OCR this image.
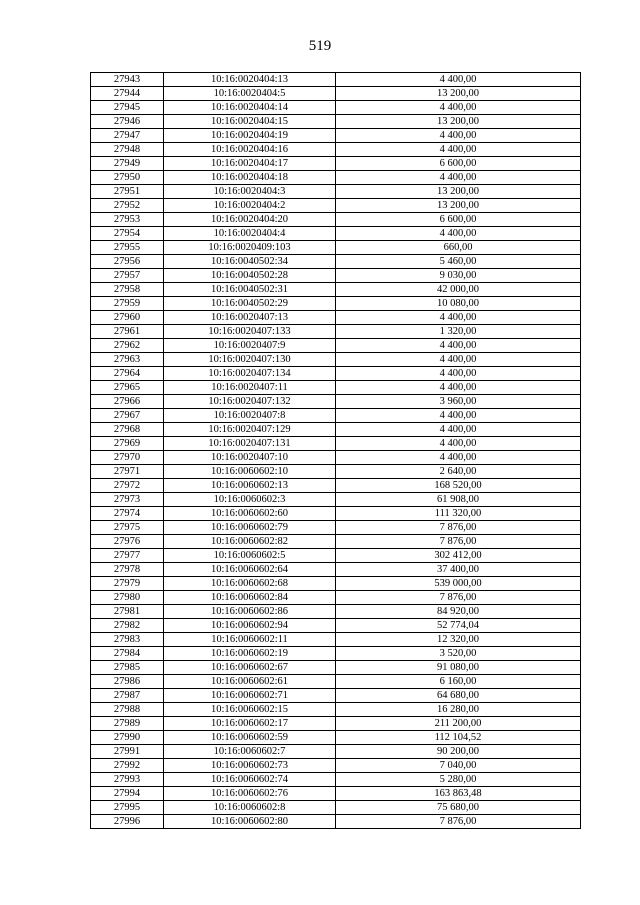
519
27943	10:16:0020404:13	4 400,00
27944	10:16:0020404:5	13 200,00
27945	10:16:0020404:14	4 400,00
27946	10:16:0020404:15	13 200,00
27947	10:16:0020404:19	4 400,00
27948	10:16:0020404:16	4 400,00
27949	10:16:0020404:17	6 600,00
27950	10:16:0020404:18	4 400,00
27951	10:16:0020404:3	13 200,00
27952	10:16:0020404:2	13 200,00
27953	10:16:0020404:20	6 600,00
27954	10:16:0020404:4	4 400,00
27955	10:16:0020409:103	660,00
27956	10:16:0040502:34	5 460,00
27957	10:16:0040502:28	9 030,00
27958	10:16:0040502:31	42 000,00
27959	10:16:0040502:29	10 080,00
27960	10:16:0020407:13	4 400,00
27961	10:16:0020407:133	1 320,00
27962	10:16:0020407:9	4 400,00
27963	10:16:0020407:130	4 400,00
27964	10:16:0020407:134	4 400,00
27965	10:16:0020407:11	4 400,00
27966	10:16:0020407:132	3 960,00
27967	10:16:0020407:8	4 400,00
27968	10:16:0020407:129	4 400,00
27969	10:16:0020407:131	4 400,00
27970	10:16:0020407:10	4 400,00
27971	10:16:0060602:10	2 640,00
27972	10:16:0060602:13	168 520,00
27973	10:16:0060602:3	61 908,00
27974	10:16:0060602:60	111 320,00
27975	10:16:0060602:79	7 876,00
27976	10:16:0060602:82	7 876,00
27977	10:16:0060602:5	302 412,00
27978	10:16:0060602:64	37 400,00
27979	10:16:0060602:68	539 000,00
27980	10:16:0060602:84	7 876,00
27981	10:16:0060602:86	84 920,00
27982	10:16:0060602:94	52 774,04
27983	10:16:0060602:11	12 320,00
27984	10:16:0060602:19	3 520,00
27985	10:16:0060602:67	91 080,00
27986	10:16:0060602:61	6 160,00
27987	10:16:0060602:71	64 680,00
27988	10:16:0060602:15	16 280,00
27989	10:16:0060602:17	211 200,00
27990	10:16:0060602:59	112 104,52
27991	10:16:0060602:7	90 200,00
27992	10:16:0060602:73	7 040,00
27993	10:16:0060602:74	5 280,00
27994	10:16:0060602:76	163 863,48
27995	10:16:0060602:8	75 680,00
27996	10:16:0060602:80	7 876,00
